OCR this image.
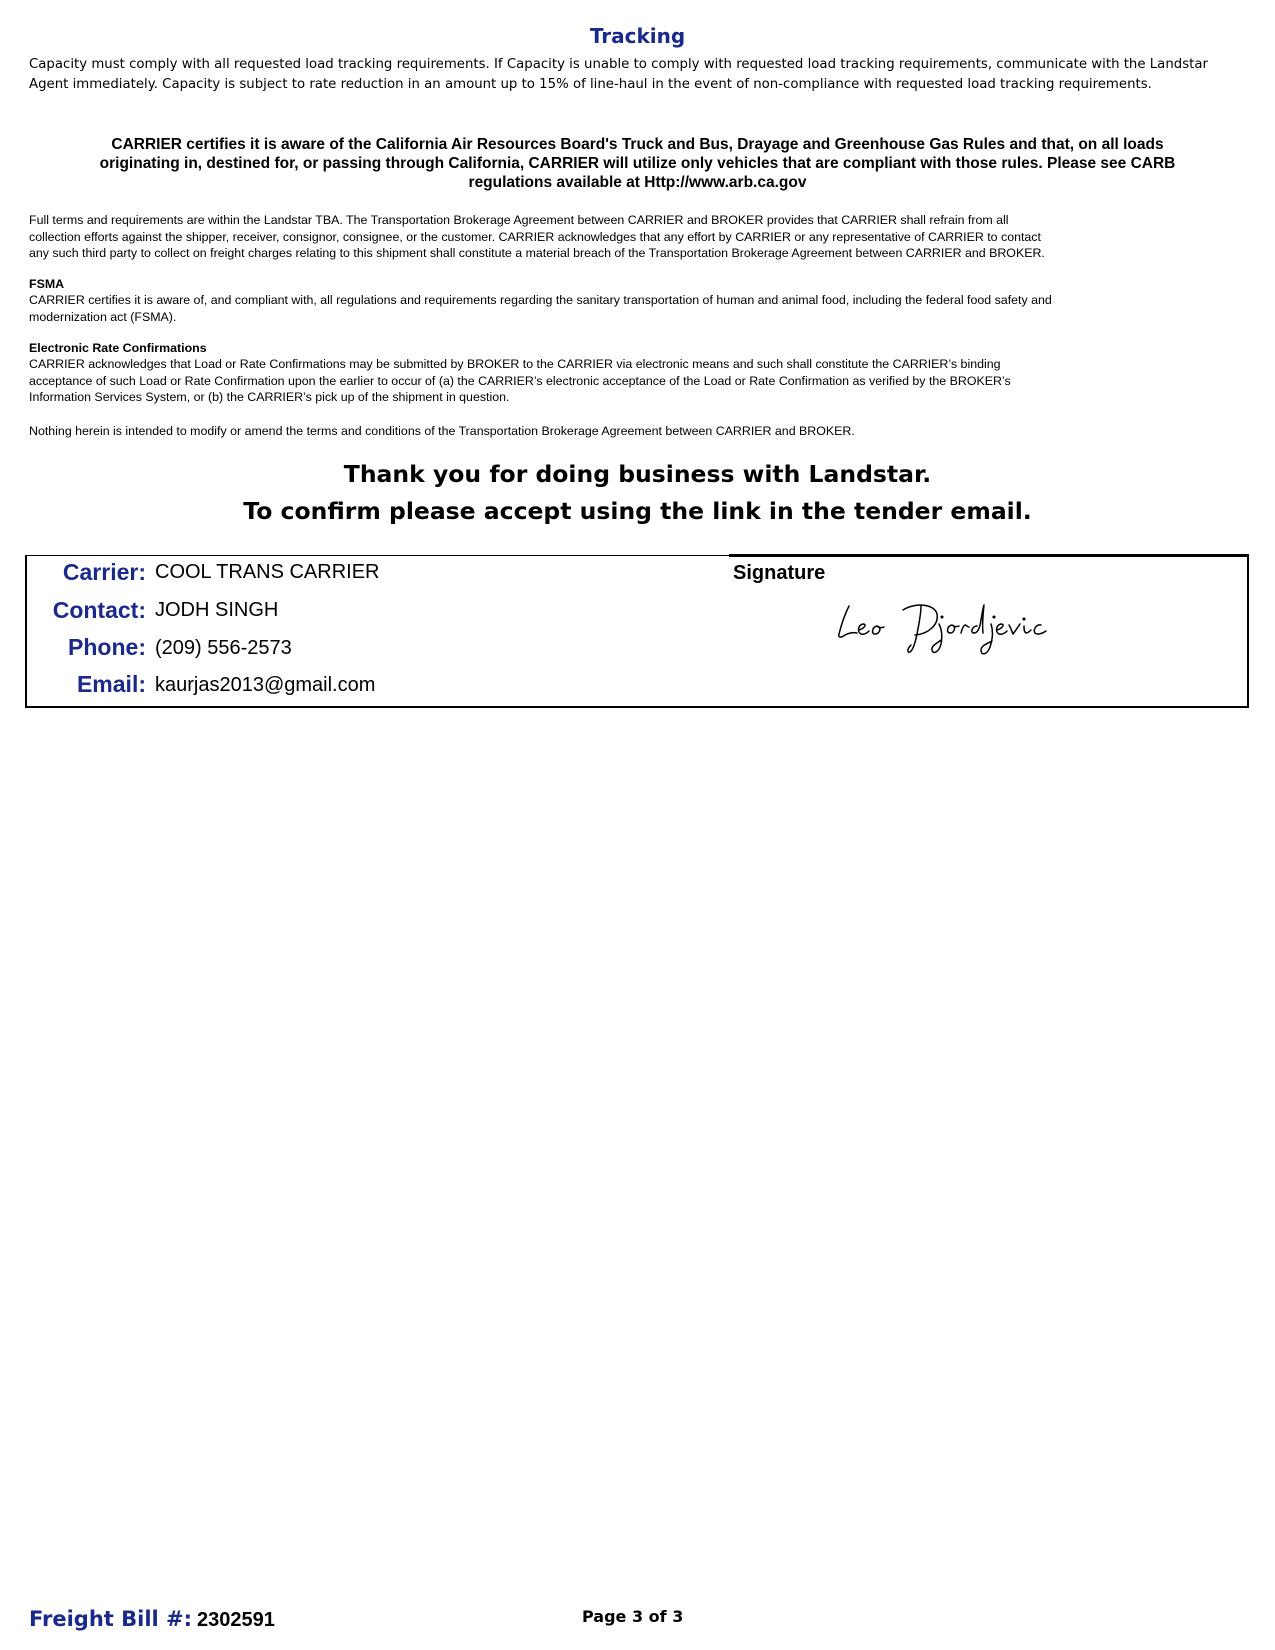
Tracking
Capacity must comply with all requested load tracking requirements. If Capacity is unable to comply with requested load tracking requirements, communicate with the Landstar
Agent immediately. Capacity is subject to rate reduction in an amount up to 15% of line-haul in the event of non-compliance with requested load tracking requirements.
CARRIER certifies it is aware of the California Air Resources Board's Truck and Bus, Drayage and Greenhouse Gas Rules and that, on all loads
originating in, destined for, or passing through California, CARRIER will utilize only vehicles that are compliant with those rules. Please see CARB
regulations available at Http://www.arb.ca.gov
Full terms and requirements are within the Landstar TBA. The Transportation Brokerage Agreement between CARRIER and BROKER provides that CARRIER shall refrain from all
collection efforts against the shipper, receiver, consignor, consignee, or the customer. CARRIER acknowledges that any effort by CARRIER or any representative of CARRIER to contact
any such third party to collect on freight charges relating to this shipment shall constitute a material breach of the Transportation Brokerage Agreement between CARRIER and BROKER.
FSMA
CARRIER certifies it is aware of, and compliant with, all regulations and requirements regarding the sanitary transportation of human and animal food, including the federal food safety and
modernization act (FSMA).
Electronic Rate Confirmations
CARRIER acknowledges that Load or Rate Confirmations may be submitted by BROKER to the CARRIER via electronic means and such shall constitute the CARRIER’s binding
acceptance of such Load or Rate Confirmation upon the earlier to occur of (a) the CARRIER’s electronic acceptance of the Load or Rate Confirmation as verified by the BROKER’s
Information Services System, or (b) the CARRIER’s pick up of the shipment in question.
Nothing herein is intended to modify or amend the terms and conditions of the Transportation Brokerage Agreement between CARRIER and BROKER.
Thank you for doing business with Landstar.
To confirm please accept using the link in the tender email.
Carrier: COOL TRANS CARRIER
Contact: JODH SINGH
Phone: (209) 556-2573
Email: kaurjas2013@gmail.com
Signature
Freight Bill #: 2302591	Page 3 of 3
